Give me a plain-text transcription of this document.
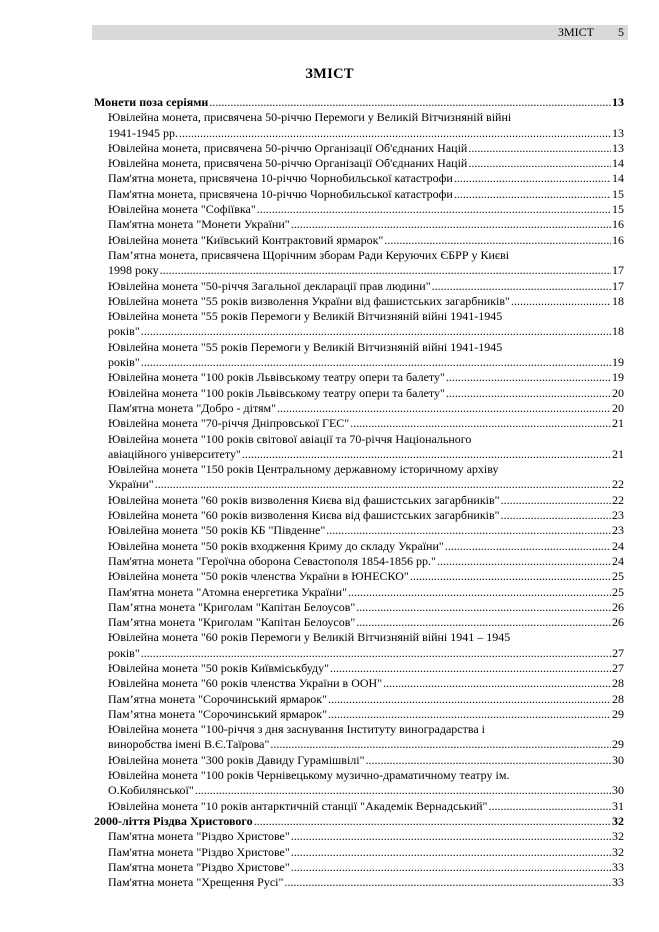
ЗМІСТ 5
ЗМІСТ
Монети поза серіями .....	13
Ювілейна монета, присвячена 50-річчю Перемоги у Великій Вітчизняній війні
1941-1945 рр. .....	13
Ювілейна монета, присвячена 50-річчю Організації Об'єднаних Націй .....	13
Ювілейна монета, присвячена 50-річчю Організації Об'єднаних Націй .....	14
Пам'ятна монета, присвячена 10-річчю Чорнобильської катастрофи .....	14
Пам'ятна монета, присвячена 10-річчю Чорнобильської катастрофи .....	15
Ювілейна монета "Софіївка" .....	15
Пам'ятна монета "Монети України" .....	16
Ювілейна монета "Київський Контрактовий ярмарок" .....	16
Пам’ятна монета, присвячена Щорічним зборам Ради Керуючих ЄБРР у Києві
1998 року .....	17
Ювілейна монета "50-річчя Загальної декларації прав людини" .....	17
Ювілейна монета "55 років визволення України від фашистських загарбників" .....	18
Ювілейна монета "55 років Перемоги у Великій Вітчизняній війні 1941-1945
років" .....	18
Ювілейна монета "55 років Перемоги у Великій Вітчизняній війні 1941-1945
років" .....	19
Ювілейна монета "100 років Львівському театру опери та балету" .....	19
Ювілейна монета "100 років Львівському театру опери та балету" .....	20
Пам'ятна монета "Добро - дітям" .....	20
Ювілейна монета "70-річчя Дніпровської ГЕС" .....	21
Ювілейна монета "100 років світової авіації та 70-річчя Національного
авіаційного університету" .....	21
Ювілейна монета "150 років Центральному державному історичному архіву
України" .....	22
Ювілейна монета "60 років визволення Києва від фашистських загарбників" .....	22
Ювілейна монета "60 років визволення Києва від фашистських загарбників" .....	23
Ювілейна монета "50 років КБ "Південне" .....	23
Ювілейна монета "50 років входження Криму до складу України" .....	24
Пам'ятна монета "Героїчна оборона Севастополя 1854-1856 рр." .....	24
Ювілейна монета "50 років членства України в ЮНЕСКО" .....	25
Пам'ятна монета "Атомна енергетика України" .....	25
Пам’ятна монета "Криголам "Капітан Белоусов" .....	26
Пам’ятна монета "Криголам "Капітан Белоусов" .....	26
Ювілейна монета "60 років Перемоги у Великій Вітчизняній війні 1941 – 1945
років" .....	27
Ювілейна монета "50 років Київміськбуду" .....	27
Ювілейна монета "60 років членства України в ООН" .....	28
Пам’ятна монета "Сорочинський ярмарок" .....	28
Пам’ятна монета "Сорочинський ярмарок" .....	29
Ювілейна монета "100-річчя з дня заснування Інституту виноградарства і
виноробства імені В.Є.Таїрова" .....	29
Ювілейна монета "300 років Давиду Гурамішвілі" .....	30
Ювілейна монета "100 років Чернівецькому музично-драматичному театру ім.
О.Кобилянської" .....	30
Ювілейна монета "10 років антарктичній станції "Академік Вернадський" .....	31
2000-ліття Різдва Христового .....	32
Пам'ятна монета "Різдво Христове" .....	32
Пам'ятна монета "Різдво Христове" .....	32
Пам'ятна монета "Різдво Христове" .....	33
Пам'ятна монета "Хрещення Русі" .....	33
